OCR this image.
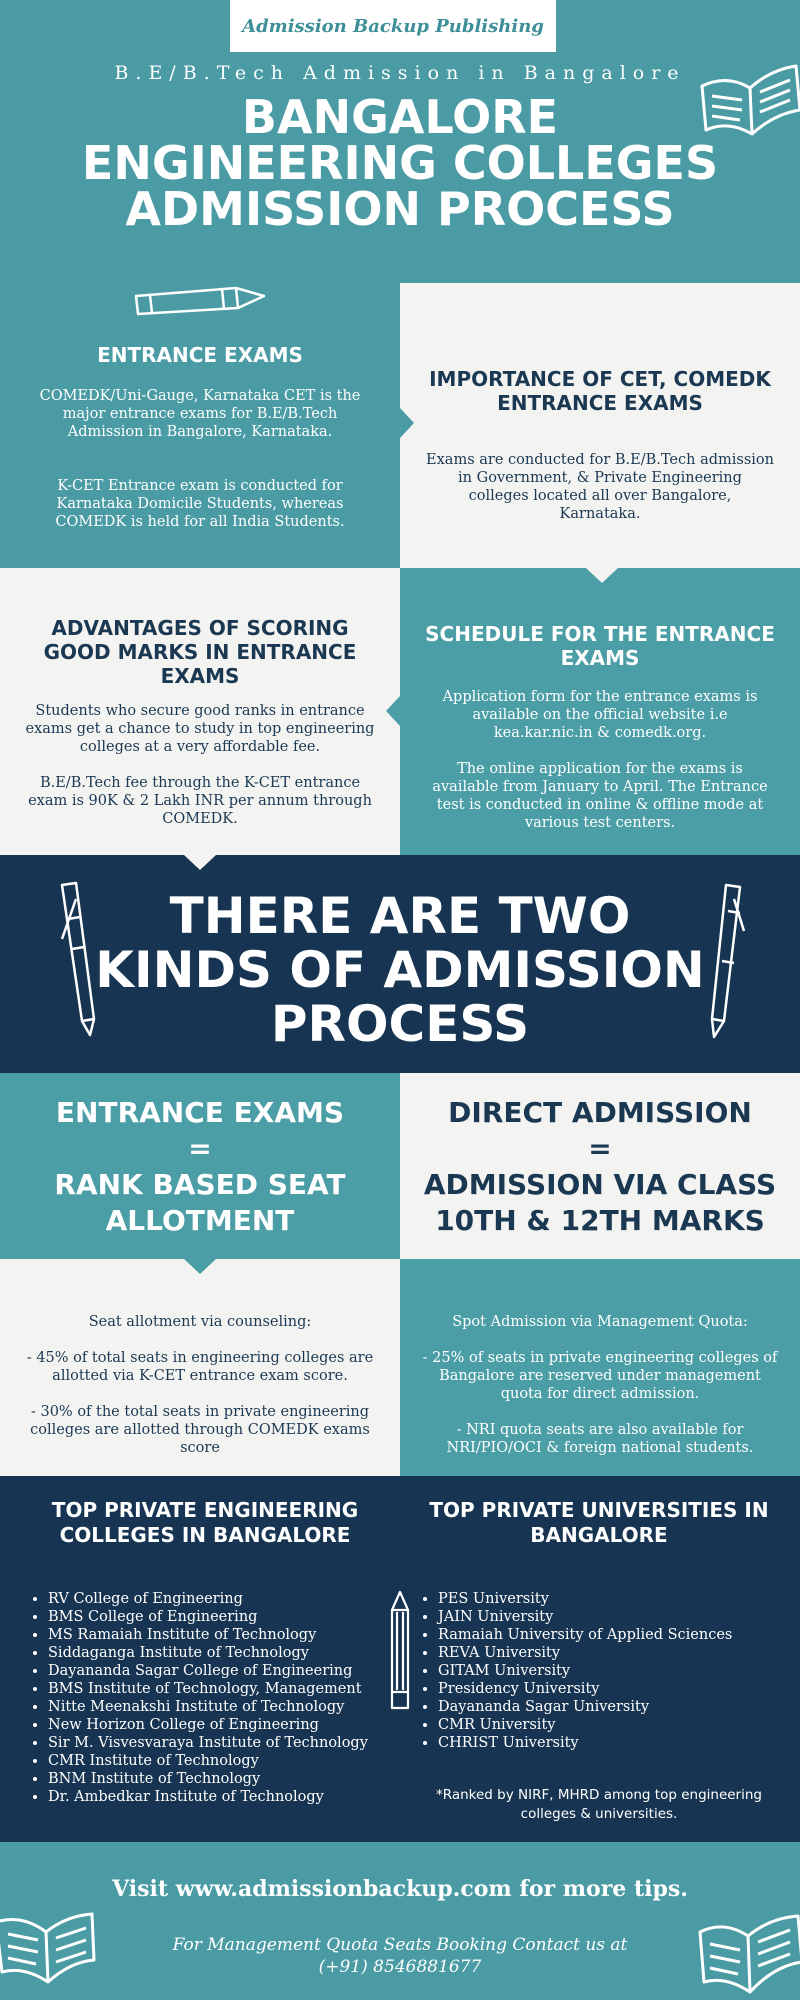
Admission Backup Publishing
B.E/B.Tech Admission in Bangalore
BANGALORE
ENGINEERING COLLEGES
ADMISSION PROCESS
ENTRANCE EXAMS

COMEDK/Uni-Gauge, Karnataka CET is the major entrance exams for B.E/B.Tech Admission in Bangalore, Karnataka.

K-CET Entrance exam is conducted for Karnataka Domicile Students, whereas COMEDK is held for all India Students.

IMPORTANCE OF CET, COMEDK ENTRANCE EXAMS

Exams are conducted for B.E/B.Tech admission in Government, & Private Engineering colleges located all over Bangalore, Karnataka.

ADVANTAGES OF SCORING GOOD MARKS IN ENTRANCE EXAMS

Students who secure good ranks in entrance exams get a chance to study in top engineering colleges at a very affordable fee.

B.E/B.Tech fee through the K-CET entrance exam is 90K & 2 Lakh INR per annum through COMEDK.

SCHEDULE FOR THE ENTRANCE EXAMS

Application form for the entrance exams is available on the official website i.e kea.kar.nic.in & comedk.org.

The online application for the exams is available from January to April. The Entrance test is conducted in online & offline mode at various test centers.

THERE ARE TWO
KINDS OF ADMISSION
PROCESS
ENTRANCE EXAMS
=
RANK BASED SEAT
ALLOTMENT
DIRECT ADMISSION
=
ADMISSION VIA CLASS
10TH & 12TH MARKS

Seat allotment via counseling:

- 45% of total seats in engineering colleges are allotted via K-CET entrance exam score.

- 30% of the total seats in private engineering colleges are allotted through COMEDK exams score

Spot Admission via Management Quota:

- 25% of seats in private engineering colleges of Bangalore are reserved under management quota for direct admission.

- NRI quota seats are also available for NRI/PIO/OCI & foreign national students.

TOP PRIVATE ENGINEERING COLLEGES IN BANGALORE
• RV College of Engineering
• BMS College of Engineering
• MS Ramaiah Institute of Technology
• Siddaganga Institute of Technology
• Dayananda Sagar College of Engineering
• BMS Institute of Technology, Management
• Nitte Meenakshi Institute of Technology
• New Horizon College of Engineering
• Sir M. Visvesvaraya Institute of Technology
• CMR Institute of Technology
• BNM Institute of Technology
• Dr. Ambedkar Institute of Technology
TOP PRIVATE UNIVERSITIES IN BANGALORE
• PES University
• JAIN University
• Ramaiah University of Applied Sciences
• REVA University
• GITAM University
• Presidency University
• Dayananda Sagar University
• CMR University
• CHRIST University

*Ranked by NIRF, MHRD among top engineering colleges & universities.

Visit www.admissionbackup.com for more tips.
For Management Quota Seats Booking Contact us at
(+91) 8546881677
